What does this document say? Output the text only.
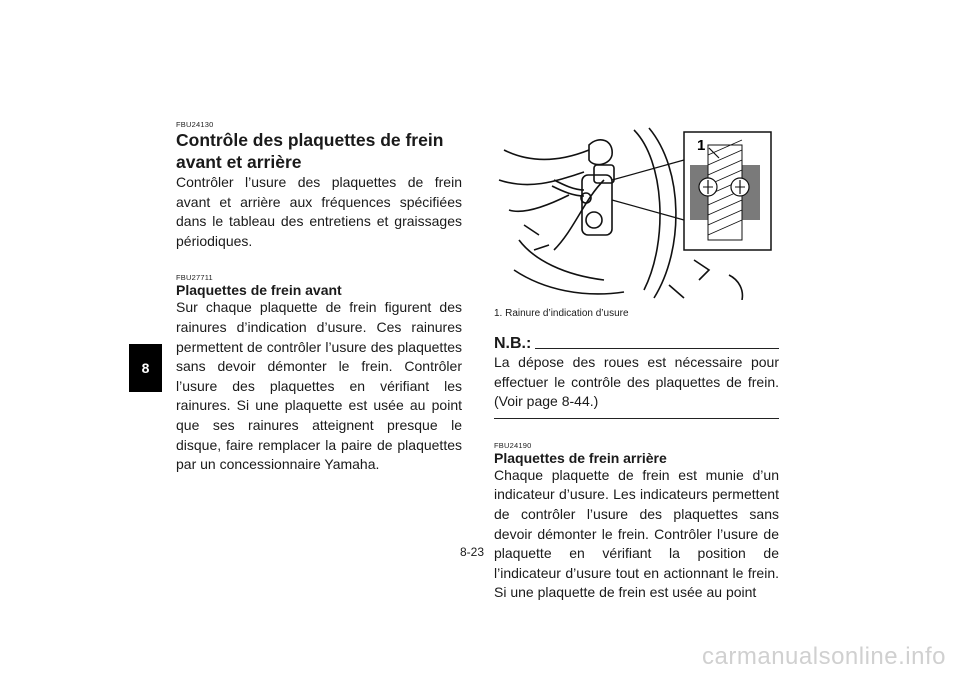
8

FBU24130

Contrôle des plaquettes de frein avant et arrière

Contrôler l’usure des plaquettes de frein avant et arrière aux fréquences spécifiées dans le tableau des entretiens et graissages périodiques.

FBU27711

Plaquettes de frein avant

Sur chaque plaquette de frein figurent des rainures d’indication d’usure. Ces rainures permettent de contrôler l’usure des plaquettes sans devoir démonter le frein. Contrôler l’usure des plaquettes en vérifiant les rainures. Si une plaquette est usée au point que ses rainures atteignent presque le disque, faire remplacer la paire de plaquettes par un concessionnaire Yamaha.

1
1. Rainure d’indication d’usure
N.B.:

La dépose des roues est nécessaire pour effectuer le contrôle des plaquettes de frein. (Voir page 8-44.)

FBU24190

Plaquettes de frein arrière

Chaque plaquette de frein est munie d’un indicateur d’usure. Les indicateurs permettent de contrôler l’usure des plaquettes sans devoir démonter le frein. Contrôler l’usure de plaquette en vérifiant la position de l’indicateur d’usure tout en actionnant le frein. Si une plaquette de frein est usée au point

8-23
carmanualsonline.info
